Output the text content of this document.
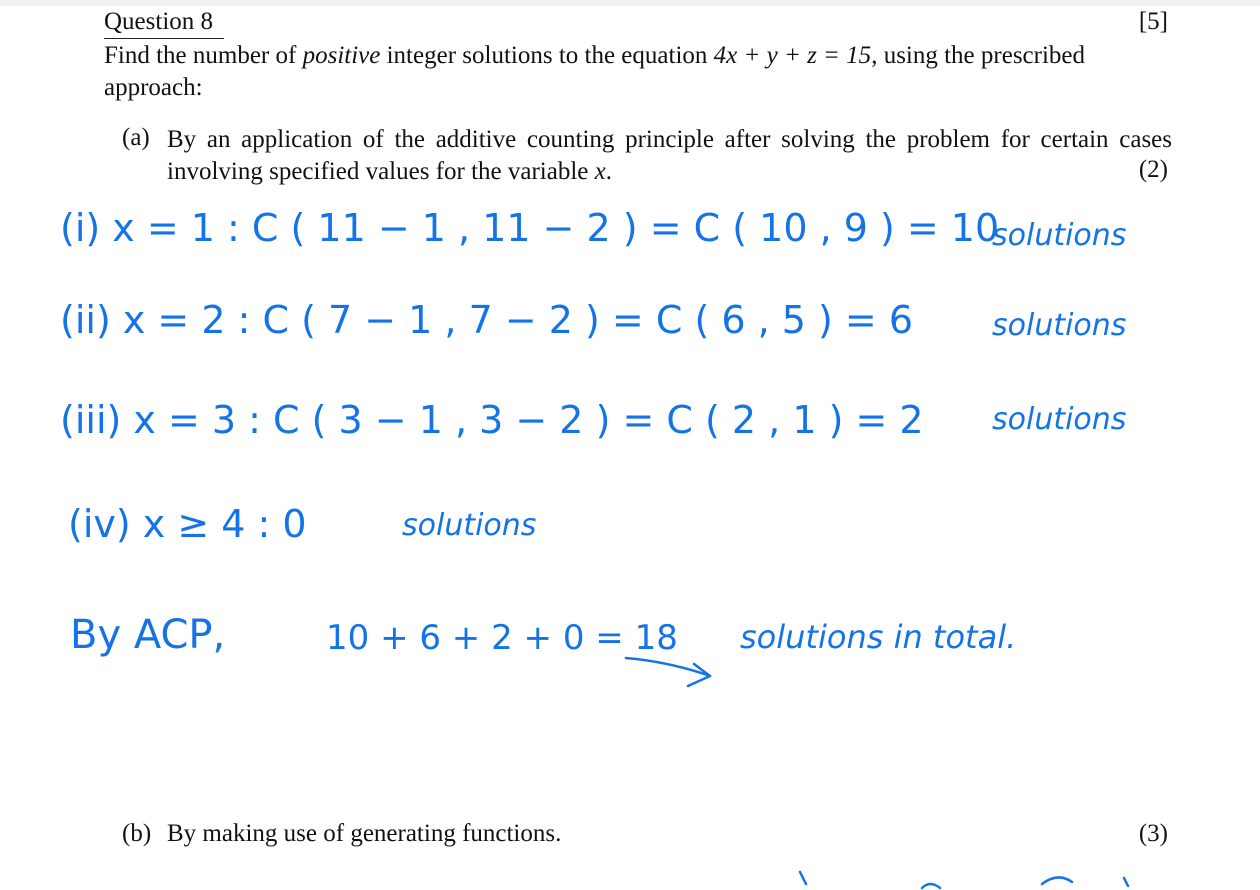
Question 8	[5]
Find the number of positive integer solutions to the equation 4x + y + z = 15, using the prescribed approach:
(a) By an application of the additive counting principle after solving the problem for certain cases involving specified values for the variable x.	(2)
(i) x = 1 : C ( 11 − 1 , 11 − 2 ) = C ( 10 , 9 ) = 10
solutions
(ii) x = 2 : C ( 7 − 1 , 7 − 2 ) = C ( 6 , 5 ) = 6	solutions
(iii) x = 3 : C ( 3 − 1 , 3 − 2 ) = C ( 2 , 1 ) = 2 solutions
(iv) x ≥ 4 : 0	solutions
By ACP,	10 + 6 + 2 + 0 = 18 solutions in total.
(b) By making use of generating functions.	(3)
